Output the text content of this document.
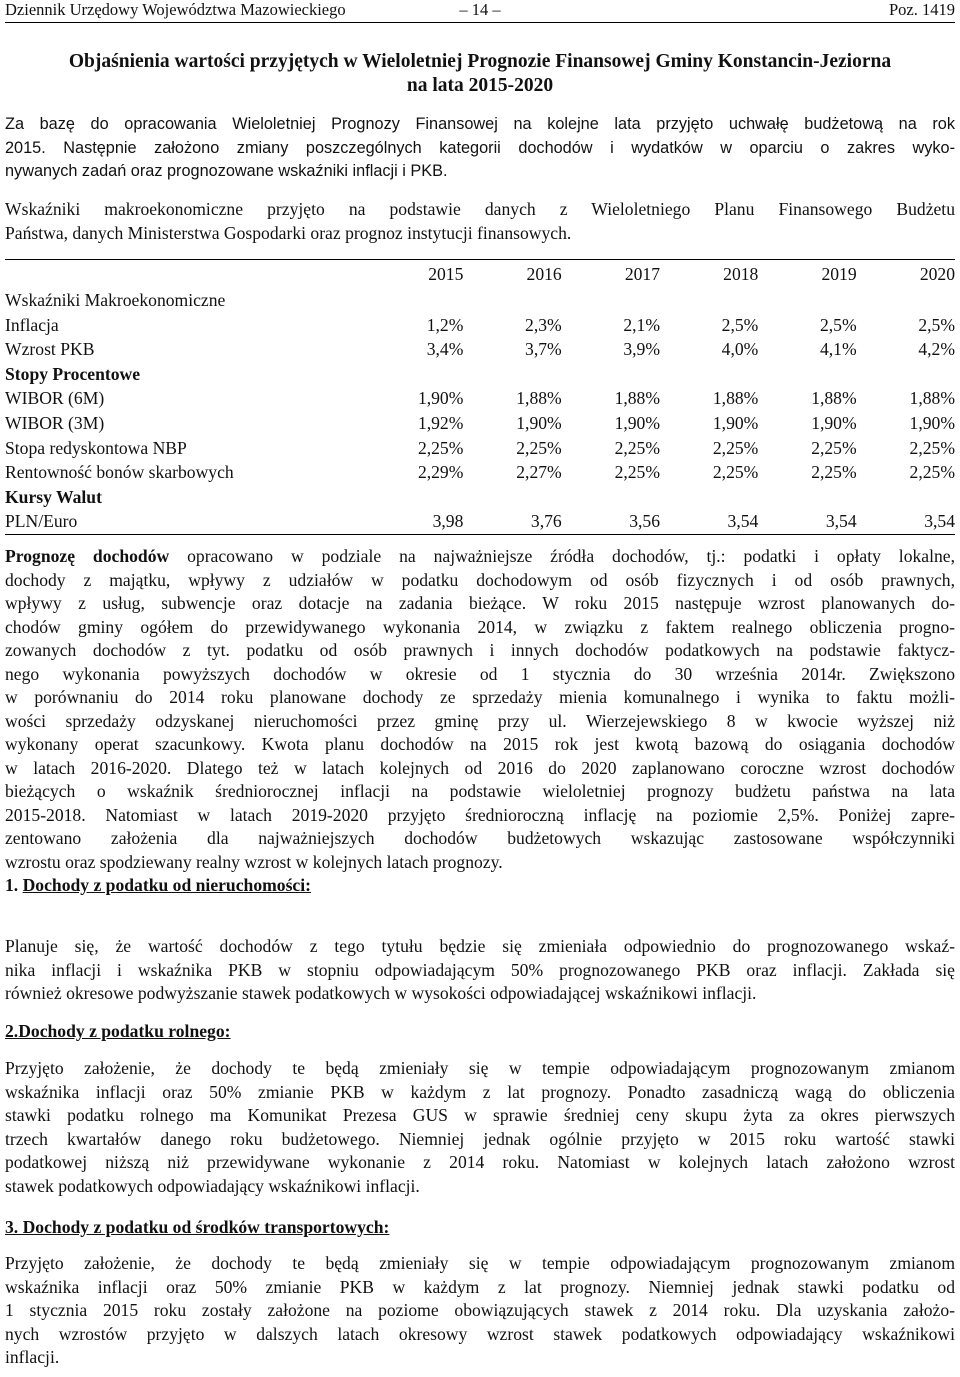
Dziennik Urzędowy Województwa Mazowieckiego	– 14 –	Poz. 1419
Objaśnienia wartości przyjętych w Wieloletniej Prognozie Finansowej Gminy Konstancin-Jeziorna
na lata 2015-2020
Za bazę do opracowania Wieloletniej Prognozy Finansowej na kolejne lata przyjęto uchwałę budżetową na rok
2015. Następnie założono zmiany poszczególnych kategorii dochodów i wydatków w oparciu o zakres wyko-
nywanych zadań oraz prognozowane wskaźniki inflacji i PKB.
Wskaźniki makroekonomiczne przyjęto na podstawie danych z Wieloletniego Planu Finansowego Budżetu
Państwa, danych Ministerstwa Gospodarki oraz prognoz instytucji finansowych.
	2015	2016	2017	2018	2019	2020
Wskaźniki Makroekonomiczne						
Inflacja	1,2%	2,3%	2,1%	2,5%	2,5%	2,5%
Wzrost PKB	3,4%	3,7%	3,9%	4,0%	4,1%	4,2%
Stopy Procentowe						
WIBOR (6M)	1,90%	1,88%	1,88%	1,88%	1,88%	1,88%
WIBOR (3M)	1,92%	1,90%	1,90%	1,90%	1,90%	1,90%
Stopa redyskontowa NBP	2,25%	2,25%	2,25%	2,25%	2,25%	2,25%
Rentowność bonów skarbowych	2,29%	2,27%	2,25%	2,25%	2,25%	2,25%
Kursy Walut						
PLN/Euro	3,98	3,76	3,56	3,54	3,54	3,54
Prognozę dochodów opracowano w podziale na najważniejsze źródła dochodów, tj.: podatki i opłaty lokalne,
dochody z majątku, wpływy z udziałów w podatku dochodowym od osób fizycznych i od osób prawnych,
wpływy z usług, subwencje oraz dotacje na zadania bieżące. W roku 2015 następuje wzrost planowanych do-
chodów gminy ogółem do przewidywanego wykonania 2014, w związku z faktem realnego obliczenia progno-
zowanych dochodów z tyt. podatku od osób prawnych i innych dochodów podatkowych na podstawie faktycz-
nego wykonania powyższych dochodów w okresie od 1 stycznia do 30 września 2014r. Zwiększono
w porównaniu do 2014 roku planowane dochody ze sprzedaży mienia komunalnego i wynika to faktu możli-
wości sprzedaży odzyskanej nieruchomości przez gminę przy ul. Wierzejewskiego 8 w kwocie wyższej niż
wykonany operat szacunkowy. Kwota planu dochodów na 2015 rok jest kwotą bazową do osiągania dochodów
w latach 2016-2020. Dlatego też w latach kolejnych od 2016 do 2020 zaplanowano coroczne wzrost dochodów
bieżących o wskaźnik średniorocznej inflacji na podstawie wieloletniej prognozy budżetu państwa na lata
2015-2018. Natomiast w latach 2019-2020 przyjęto średnioroczną inflację na poziomie 2,5%. Poniżej zapre-
zentowano założenia dla najważniejszych dochodów budżetowych wskazując zastosowane współczynniki
wzrostu oraz spodziewany realny wzrost w kolejnych latach prognozy.
1. Dochody z podatku od nieruchomości:
Planuje się, że wartość dochodów z tego tytułu będzie się zmieniała odpowiednio do prognozowanego wskaź-
nika inflacji i wskaźnika PKB w stopniu odpowiadającym 50% prognozowanego PKB oraz inflacji. Zakłada się
również okresowe podwyższanie stawek podatkowych w wysokości odpowiadającej wskaźnikowi inflacji.
2.Dochody z podatku rolnego:
Przyjęto założenie, że dochody te będą zmieniały się w tempie odpowiadającym prognozowanym zmianom
wskaźnika inflacji oraz 50% zmianie PKB w każdym z lat prognozy. Ponadto zasadniczą wagą do obliczenia
stawki podatku rolnego ma Komunikat Prezesa GUS w sprawie średniej ceny skupu żyta za okres pierwszych
trzech kwartałów danego roku budżetowego. Niemniej jednak ogólnie przyjęto w 2015 roku wartość stawki
podatkowej niższą niż przewidywane wykonanie z 2014 roku. Natomiast w kolejnych latach założono wzrost
stawek podatkowych odpowiadający wskaźnikowi inflacji.
3. Dochody z podatku od środków transportowych:
Przyjęto założenie, że dochody te będą zmieniały się w tempie odpowiadającym prognozowanym zmianom
wskaźnika inflacji oraz 50% zmianie PKB w każdym z lat prognozy. Niemniej jednak stawki podatku od
1 stycznia 2015 roku zostały założone na poziome obowiązujących stawek z 2014 roku. Dla uzyskania założo-
nych wzrostów przyjęto w dalszych latach okresowy wzrost stawek podatkowych odpowiadający wskaźnikowi
inflacji.
